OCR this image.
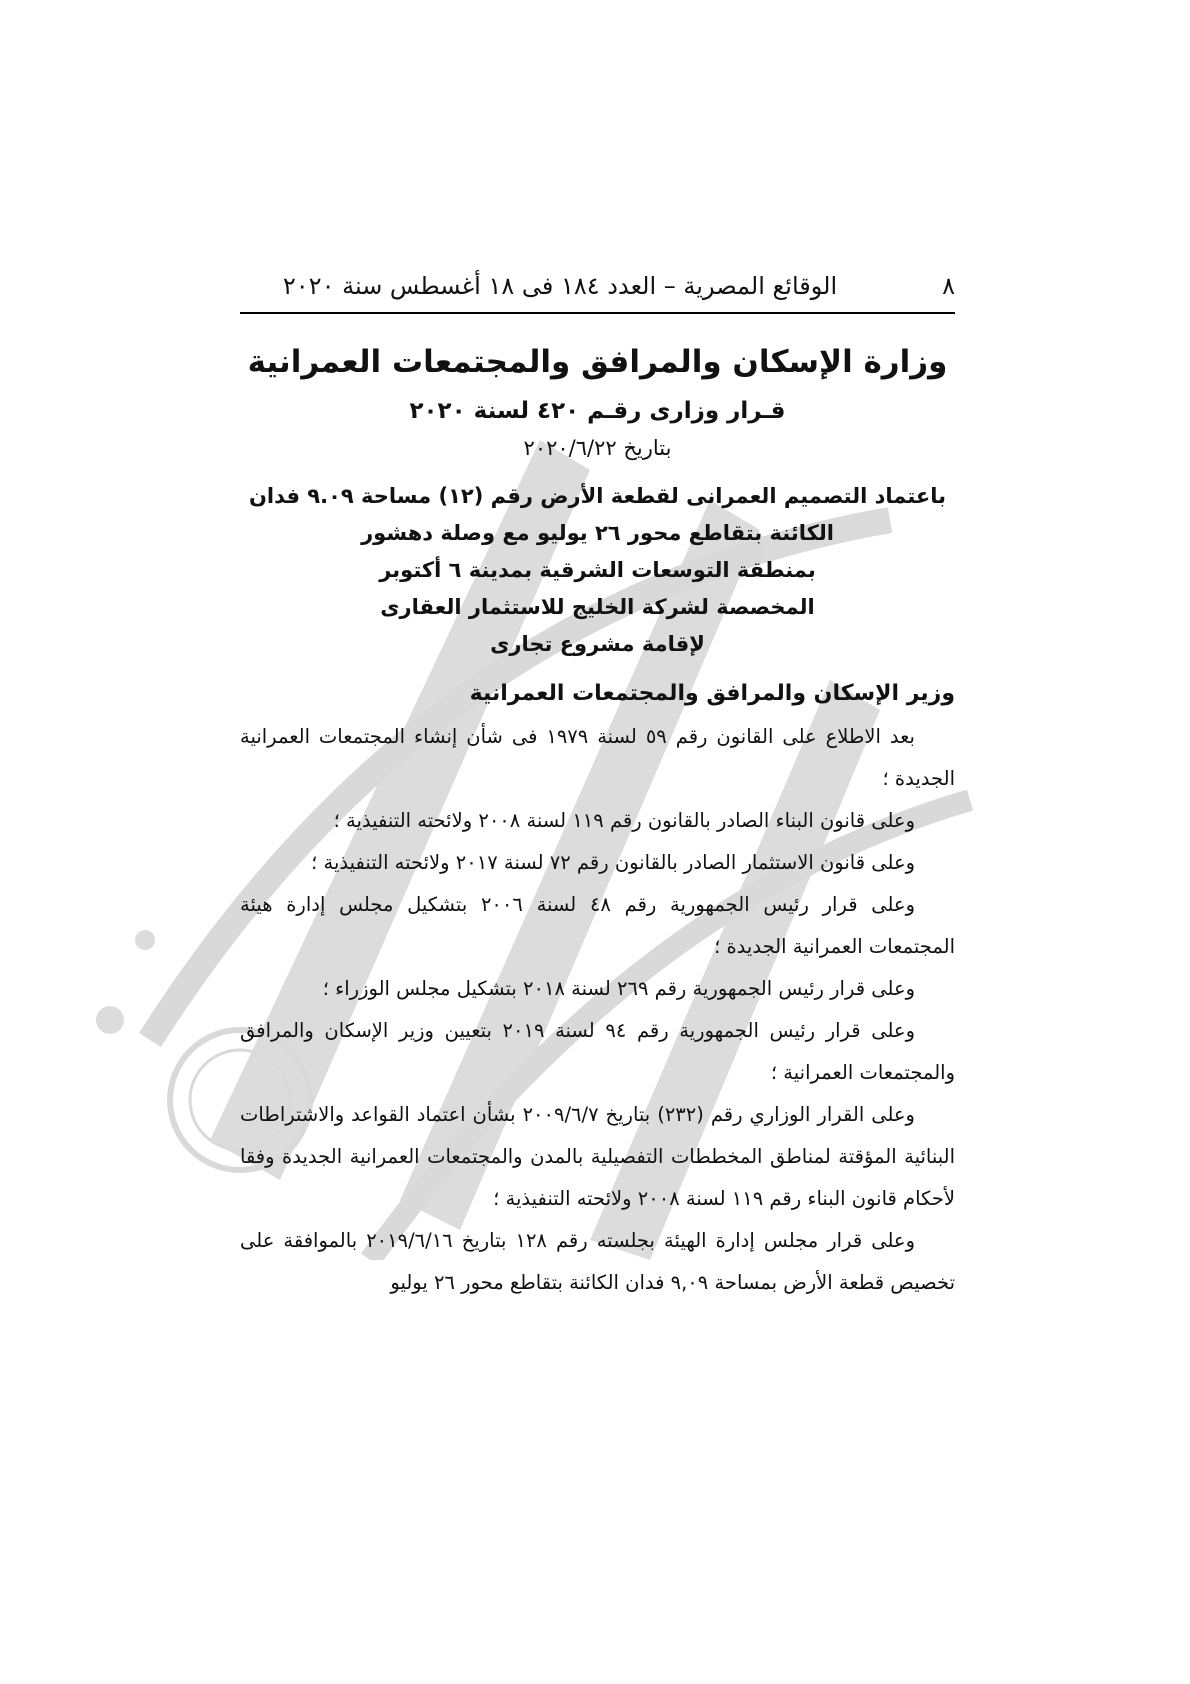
٨
الوقائع المصرية – العدد ١٨٤ فى ١٨ أغسطس سنة ٢٠٢٠
وزارة الإسكان والمرافق والمجتمعات العمرانية
قـرار وزارى رقـم ٤٢٠ لسنة ٢٠٢٠
بتاريخ ٢٠٢٠/٦/٢٢
باعتماد التصميم العمرانى لقطعة الأرض رقم (١٢) مساحة ٩.٠٩ فدان
الكائنة بتقاطع محور ٢٦ يوليو مع وصلة دهشور
بمنطقة التوسعات الشرقية بمدينة ٦ أكتوبر
المخصصة لشركة الخليج للاستثمار العقارى
لإقامة مشروع تجارى
وزير الإسكان والمرافق والمجتمعات العمرانية

بعد الاطلاع على القانون رقم ٥٩ لسنة ١٩٧٩ فى شأن إنشاء المجتمعات العمرانية الجديدة ؛

وعلى قانون البناء الصادر بالقانون رقم ١١٩ لسنة ٢٠٠٨ ولائحته التنفيذية ؛

وعلى قانون الاستثمار الصادر بالقانون رقم ٧٢ لسنة ٢٠١٧ ولائحته التنفيذية ؛

وعلى قرار رئيس الجمهورية رقم ٤٨ لسنة ٢٠٠٦ بتشكيل مجلس إدارة هيئة المجتمعات العمرانية الجديدة ؛

وعلى قرار رئيس الجمهورية رقم ٢٦٩ لسنة ٢٠١٨ بتشكيل مجلس الوزراء ؛

وعلى قرار رئيس الجمهورية رقم ٩٤ لسنة ٢٠١٩ بتعيين وزير الإسكان والمرافق والمجتمعات العمرانية ؛

وعلى القرار الوزاري رقم (٢٣٢) بتاريخ ٢٠٠٩/٦/٧ بشأن اعتماد القواعد والاشتراطات البنائية المؤقتة لمناطق المخططات التفصيلية بالمدن والمجتمعات العمرانية الجديدة وفقا لأحكام قانون البناء رقم ١١٩ لسنة ٢٠٠٨ ولائحته التنفيذية ؛

وعلى قرار مجلس إدارة الهيئة بجلسته رقم ١٢٨ بتاريخ ٢٠١٩/٦/١٦ بالموافقة على تخصيص قطعة الأرض بمساحة ٩,٠٩ فدان الكائنة بتقاطع محور ٢٦ يوليو
